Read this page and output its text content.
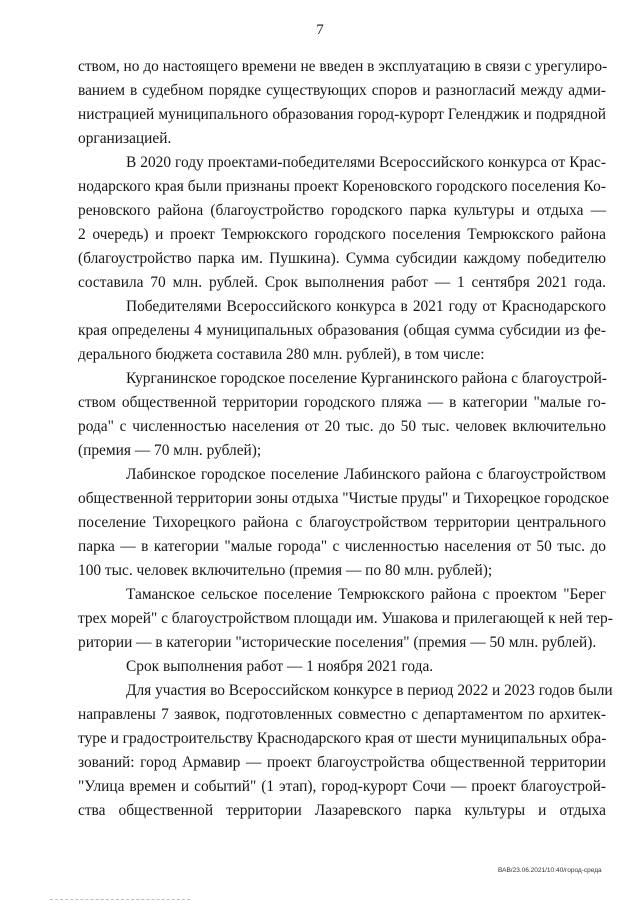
7
ством, но до настоящего времени не введен в эксплуатацию в связи с урегулиро-
ванием в судебном порядке существующих споров и разногласий между адми-
нистрацией муниципального образования город-курорт Геленджик и подрядной
организацией.
В 2020 году проектами-победителями Всероссийского конкурса от Крас-
нодарского края были признаны проект Кореновского городского поселения Ко-
реновского района (благоустройство городского парка культуры и отдыха —
2 очередь) и проект Темрюкского городского поселения Темрюкского района
(благоустройство парка им. Пушкина). Сумма субсидии каждому победителю
составила 70 млн. рублей. Срок выполнения работ — 1 сентября 2021 года.
Победителями Всероссийского конкурса в 2021 году от Краснодарского
края определены 4 муниципальных образования (общая сумма субсидии из фе-
дерального бюджета составила 280 млн. рублей), в том числе:
Курганинское городское поселение Курганинского района с благоустрой-
ством общественной территории городского пляжа — в категории "малые го-
рода" с численностью населения от 20 тыс. до 50 тыс. человек включительно
(премия — 70 млн. рублей);
Лабинское городское поселение Лабинского района с благоустройством
общественной территории зоны отдыха "Чистые пруды" и Тихорецкое городское
поселение Тихорецкого района с благоустройством территории центрального
парка — в категории "малые города" с численностью населения от 50 тыс. до
100 тыс. человек включительно (премия — по 80 млн. рублей);
Таманское сельское поселение Темрюкского района с проектом "Берег
трех морей" с благоустройством площади им. Ушакова и прилегающей к ней тер-
ритории — в категории "исторические поселения" (премия — 50 млн. рублей).
Срок выполнения работ — 1 ноября 2021 года.
Для участия во Всероссийском конкурсе в период 2022 и 2023 годов были
направлены 7 заявок, подготовленных совместно с департаментом по архитек-
туре и градостроительству Краснодарского края от шести муниципальных обра-
зований: город Армавир — проект благоустройства общественной территории
"Улица времен и событий" (1 этап), город-курорт Сочи — проект благоустрой-
ства общественной территории Лазаревского парка культуры и отдыха
ВАВ/23.06.2021/10:40/город-среда
